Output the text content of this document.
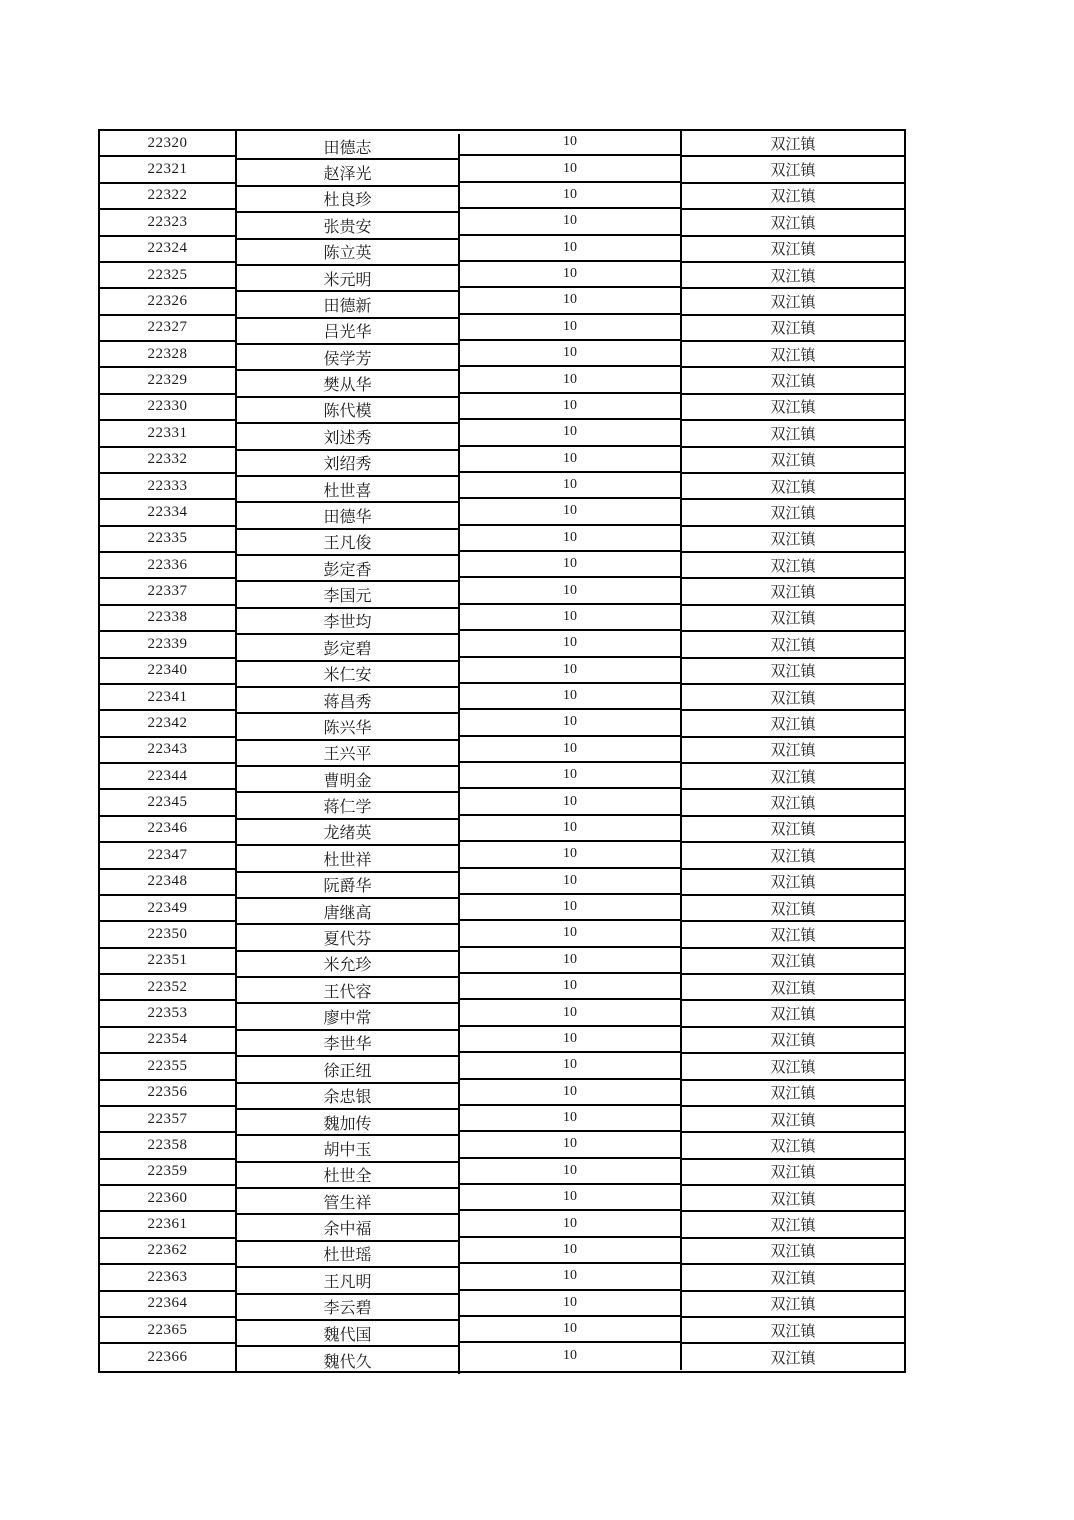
22320	田德志	10	双江镇
22321	赵泽光	10	双江镇
22322	杜良珍	10	双江镇
22323	张贵安	10	双江镇
22324	陈立英	10	双江镇
22325	米元明	10	双江镇
22326	田德新	10	双江镇
22327	吕光华	10	双江镇
22328	侯学芳	10	双江镇
22329	樊从华	10	双江镇
22330	陈代模	10	双江镇
22331	刘述秀	10	双江镇
22332	刘绍秀	10	双江镇
22333	杜世喜	10	双江镇
22334	田德华	10	双江镇
22335	王凡俊	10	双江镇
22336	彭定香	10	双江镇
22337	李国元	10	双江镇
22338	李世均	10	双江镇
22339	彭定碧	10	双江镇
22340	米仁安	10	双江镇
22341	蒋昌秀	10	双江镇
22342	陈兴华	10	双江镇
22343	王兴平	10	双江镇
22344	曹明金	10	双江镇
22345	蒋仁学	10	双江镇
22346	龙绪英	10	双江镇
22347	杜世祥	10	双江镇
22348	阮爵华	10	双江镇
22349	唐继高	10	双江镇
22350	夏代芬	10	双江镇
22351	米允珍	10	双江镇
22352	王代容	10	双江镇
22353	廖中常	10	双江镇
22354	李世华	10	双江镇
22355	徐正纽	10	双江镇
22356	余忠银	10	双江镇
22357	魏加传	10	双江镇
22358	胡中玉	10	双江镇
22359	杜世全	10	双江镇
22360	管生祥	10	双江镇
22361	余中福	10	双江镇
22362	杜世瑶	10	双江镇
22363	王凡明	10	双江镇
22364	李云碧	10	双江镇
22365	魏代国	10	双江镇
22366	魏代久	10	双江镇
